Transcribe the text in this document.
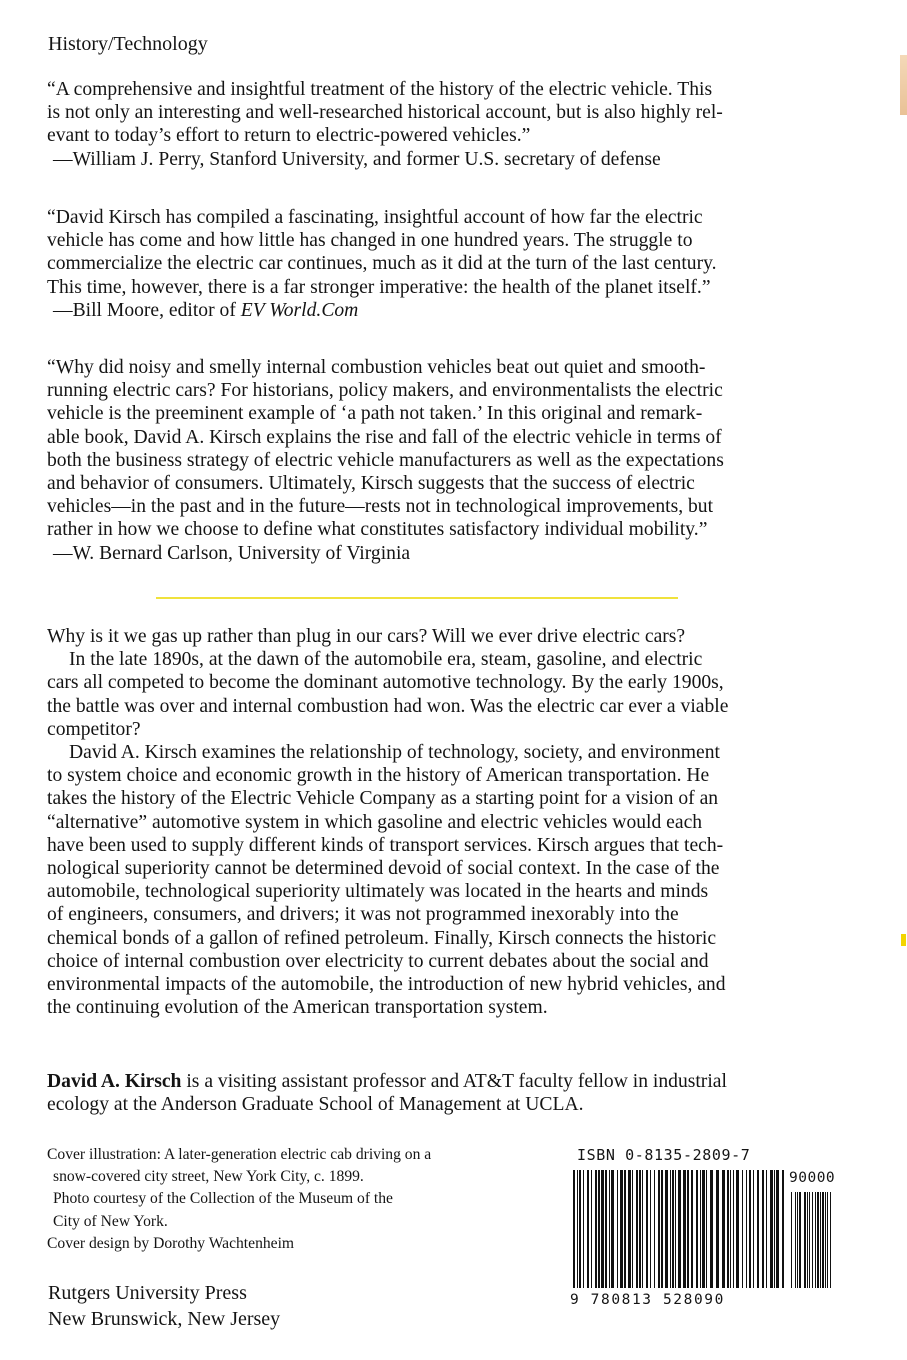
History/Technology
“A comprehensive and insightful treatment of the history of the electric vehicle. This
is not only an interesting and well-researched historical account, but is also highly rel-
evant to today’s effort to return to electric-powered vehicles.”
—William J. Perry, Stanford University, and former U.S. secretary of defense
“David Kirsch has compiled a fascinating, insightful account of how far the electric
vehicle has come and how little has changed in one hundred years. The struggle to
commercialize the electric car continues, much as it did at the turn of the last century.
This time, however, there is a far stronger imperative: the health of the planet itself.”
—Bill Moore, editor of EV World.Com
“Why did noisy and smelly internal combustion vehicles beat out quiet and smooth-
running electric cars? For historians, policy makers, and environmentalists the electric
vehicle is the preeminent example of ‘a path not taken.’ In this original and remark-
able book, David A. Kirsch explains the rise and fall of the electric vehicle in terms of
both the business strategy of electric vehicle manufacturers as well as the expectations
and behavior of consumers. Ultimately, Kirsch suggests that the success of electric
vehicles—in the past and in the future—rests not in technological improvements, but
rather in how we choose to define what constitutes satisfactory individual mobility.”
—W. Bernard Carlson, University of Virginia
Why is it we gas up rather than plug in our cars? Will we ever drive electric cars?
In the late 1890s, at the dawn of the automobile era, steam, gasoline, and electric
cars all competed to become the dominant automotive technology. By the early 1900s,
the battle was over and internal combustion had won. Was the electric car ever a viable
competitor?
David A. Kirsch examines the relationship of technology, society, and environment
to system choice and economic growth in the history of American transportation. He
takes the history of the Electric Vehicle Company as a starting point for a vision of an
“alternative” automotive system in which gasoline and electric vehicles would each
have been used to supply different kinds of transport services. Kirsch argues that tech-
nological superiority cannot be determined devoid of social context. In the case of the
automobile, technological superiority ultimately was located in the hearts and minds
of engineers, consumers, and drivers; it was not programmed inexorably into the
chemical bonds of a gallon of refined petroleum. Finally, Kirsch connects the historic
choice of internal combustion over electricity to current debates about the social and
environmental impacts of the automobile, the introduction of new hybrid vehicles, and
the continuing evolution of the American transportation system.
David A. Kirsch is a visiting assistant professor and AT&T faculty fellow in industrial
ecology at the Anderson Graduate School of Management at UCLA.
Cover illustration: A later-generation electric cab driving on a
snow-covered city street, New York City, c. 1899.
Photo courtesy of the Collection of the Museum of the
City of New York.
Cover design by Dorothy Wachtenheim
ISBN 0-8135-2809-7
90000
9 780813 528090
Rutgers University Press
New Brunswick, New Jersey
